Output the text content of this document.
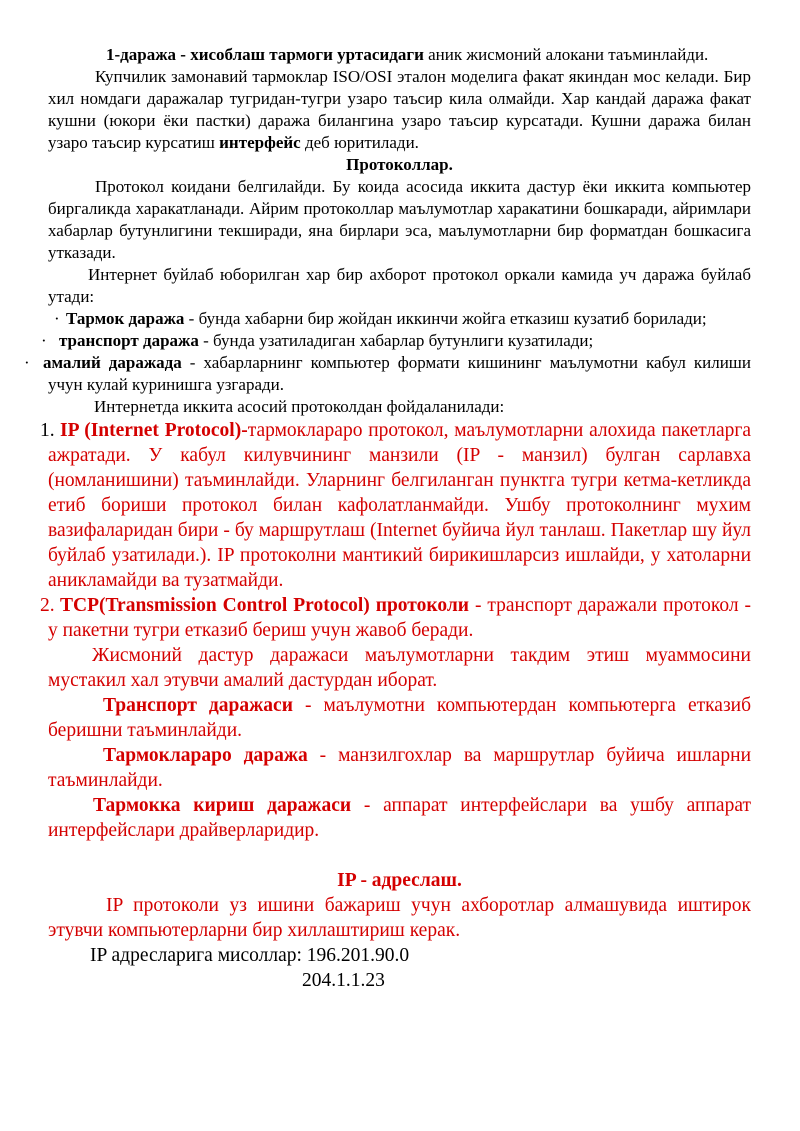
1-даража - хисоблаш тармоги уртасидаги аник жисмоний алокани таъминлайди.

Купчилик замонавий тармоклар ISO/OSI эталон моделига факат якиндан мос келади. Бир хил номдаги даражалар тугридан-тугри узаро таъсир кила олмайди. Хар кандай даража факат кушни (юкори ёки пастки) даража билангина узаро таъсир курсатади. Кушни даража билан узаро таъсир курсатиш интерфейс деб юритилади.

Протоколлар.

Протокол коидани белгилайди. Бу коида асосида иккита дастур ёки иккита компьютер биргаликда харакатланади. Айрим протоколлар маълумотлар харакатини бошкаради, айримлари хабарлар бутунлигини текширади, яна бирлари эса, маълумотларни бир форматдан бошкасига утказади.

Интернет буйлаб юборилган хар бир ахборот протокол оркали камида уч даража буйлаб утади:

· Тармок даража - бунда хабарни бир жойдан иккинчи жойга етказиш кузатиб борилади;

· транспорт даража - бунда узатиладиган хабарлар бутунлиги кузатилади;

· амалий даражада - хабарларнинг компьютер формати кишининг маълумотни кабул килиши учун кулай куринишга узгаради.

Интернетда иккита асосий протоколдан фойдаланилади:

1. IP (Internet Protocol)-тармоклараро протокол, маълумотларни алохида пакетларга ажратади. У кабул килувчининг манзили (IP - манзил) булган сарлавха (номланишини) таъминлайди. Уларнинг белгиланган пунктга тугри кетма-кетликда етиб бориши протокол билан кафолатланмайди. Ушбу протоколнинг мухим вазифаларидан бири - бу маршрутлаш (Internet буйича йул танлаш. Пакетлар шу йул буйлаб узатилади.). IP протоколни мантикий бирикишларсиз ишлайди, у хатоларни аникламайди ва тузатмайди.

2. TCP(Transmission Control Protocol) протоколи - транспорт даражали протокол - у пакетни тугри етказиб бериш учун жавоб беради.

Жисмоний дастур даражаси маълумотларни такдим этиш муаммосини мустакил хал этувчи амалий дастурдан иборат.

Транспорт даражаси - маълумотни компьютердан компьютерга етказиб беришни таъминлайди.

Тармоклараро даража - манзилгохлар ва маршрутлар буйича ишларни таъминлайди.

Тармокка кириш даражаси - аппарат интерфейслари ва ушбу аппарат интерфейслари драйверларидир.

IP - адреслаш.

IP протоколи уз ишини бажариш учун ахборотлар алмашувида иштирок этувчи компьютерларни бир хиллаштириш керак.

IP адресларига мисоллар: 196.201.90.0

204.1.1.23
